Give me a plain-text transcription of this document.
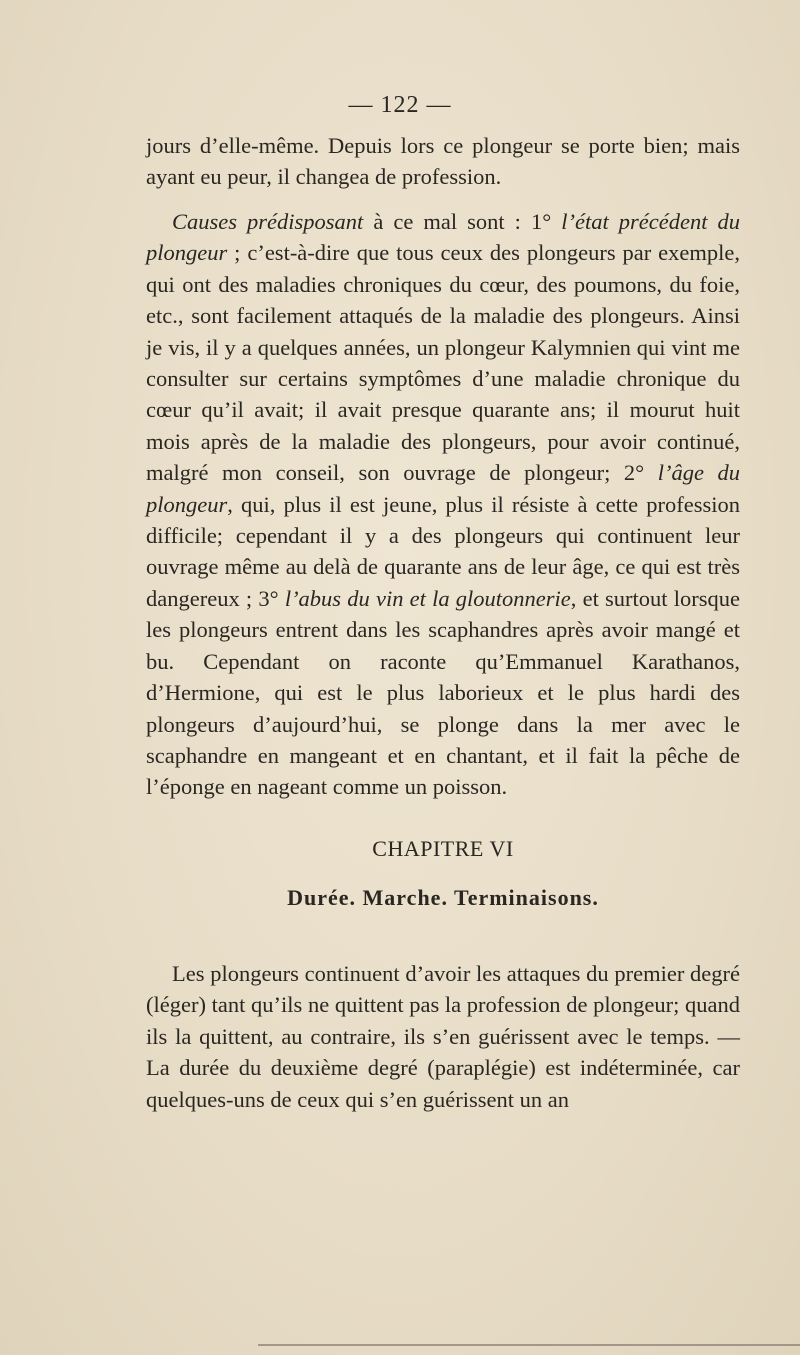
— 122 —

jours d’elle-même. Depuis lors ce plongeur se porte bien; mais ayant eu peur, il changea de profession.

Causes prédisposant à ce mal sont : 1° l’état précédent du plongeur ; c’est-à-dire que tous ceux des plongeurs par exemple, qui ont des maladies chroniques du cœur, des poumons, du foie, etc., sont facilement attaqués de la maladie des plongeurs. Ainsi je vis, il y a quelques années, un plongeur Kalymnien qui vint me consulter sur certains symptômes d’une maladie chronique du cœur qu’il avait; il avait presque quarante ans; il mourut huit mois après de la maladie des plongeurs, pour avoir continué, malgré mon conseil, son ouvrage de plongeur; 2° l’âge du plongeur, qui, plus il est jeune, plus il résiste à cette profession difficile; cependant il y a des plongeurs qui continuent leur ouvrage même au delà de quarante ans de leur âge, ce qui est très dangereux ; 3° l’abus du vin et la gloutonnerie, et surtout lorsque les plongeurs entrent dans les scaphandres après avoir mangé et bu. Cependant on raconte qu’Emmanuel Karathanos, d’Hermione, qui est le plus laborieux et le plus hardi des plongeurs d’aujourd’hui, se plonge dans la mer avec le scaphandre en mangeant et en chantant, et il fait la pêche de l’éponge en nageant comme un poisson.

CHAPITRE VI
Durée. Marche. Terminaisons.

Les plongeurs continuent d’avoir les attaques du premier degré (léger) tant qu’ils ne quittent pas la profession de plongeur; quand ils la quittent, au contraire, ils s’en guérissent avec le temps. — La durée du deuxième degré (paraplégie) est indéterminée, car quelques-uns de ceux qui s’en guérissent un an
